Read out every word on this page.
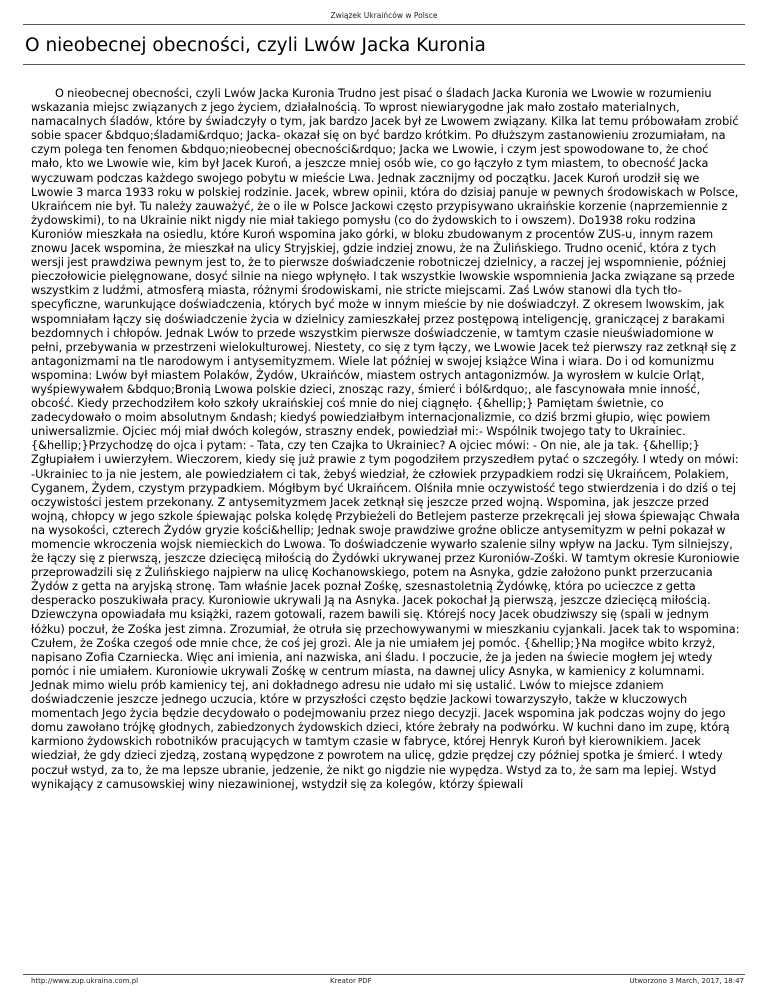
Związek Ukraińców w Polsce
O nieobecnej obecności, czyli Lwów Jacka Kuronia

O nieobecnej obecności, czyli Lwów Jacka Kuronia Trudno jest pisać o śladach Jacka Kuronia we Lwowie w rozumieniu wskazania miejsc związanych z jego życiem, działalnością. To wprost niewiarygodne jak mało zostało materialnych, namacalnych śladów, które by świadczyły o tym, jak bardzo Jacek był ze Lwowem związany. Kilka lat temu próbowałam zrobić sobie spacer &bdquo;śladami&rdquo; Jacka- okazał się on być bardzo krótkim. Po dłuższym zastanowieniu zrozumiałam, na czym polega ten fenomen &bdquo;nieobecnej obecności&rdquo; Jacka we Lwowie, i czym jest spowodowane to, że choć mało, kto we Lwowie wie, kim był Jacek Kuroń, a jeszcze mniej osób wie, co go łączyło z tym miastem, to obecność Jacka wyczuwam podczas każdego swojego pobytu w mieście Lwa. Jednak zacznijmy od początku. Jacek Kuroń urodził się we Lwowie 3 marca 1933 roku w polskiej rodzinie. Jacek, wbrew opinii, która do dzisiaj panuje w pewnych środowiskach w Polsce, Ukraińcem nie był. Tu należy zauważyć, że o ile w Polsce Jackowi często przypisywano ukraińskie korzenie (naprzemiennie z żydowskimi), to na Ukrainie nikt nigdy nie miał takiego pomysłu (co do żydowskich to i owszem). Do1938 roku rodzina Kuroniów mieszkała na osiedlu, które Kuroń wspomina jako górki, w bloku zbudowanym z procentów ZUS-u, innym razem znowu Jacek wspomina, że mieszkał na ulicy Stryjskiej, gdzie indziej znowu, że na Żulińskiego. Trudno ocenić, która z tych wersji jest prawdziwa pewnym jest to, że to pierwsze doświadczenie robotniczej dzielnicy, a raczej jej wspomnienie, później pieczołowicie pielęgnowane, dosyć silnie na niego wpłynęło. I tak wszystkie lwowskie wspomnienia Jacka związane są przede wszystkim z ludźmi, atmosferą miasta, różnymi środowiskami, nie stricte miejscami. Zaś Lwów stanowi dla tych tło- specyficzne, warunkujące doświadczenia, których być może w innym mieście by nie doświadczył. Z okresem lwowskim, jak wspomniałam łączy się doświadczenie życia w dzielnicy zamieszkałej przez postępową inteligencję, graniczącej z barakami bezdomnych i chłopów. Jednak Lwów to przede wszystkim pierwsze doświadczenie, w tamtym czasie nieuświadomione w pełni, przebywania w przestrzeni wielokulturowej. Niestety, co się z tym łączy, we Lwowie Jacek też pierwszy raz zetknął się z antagonizmami na tle narodowym i antysemityzmem. Wiele lat później w swojej książce Wina i wiara. Do i od komunizmu wspomina: Lwów był miastem Polaków, Żydów, Ukraińców, miastem ostrych antagonizmów. Ja wyrosłem w kulcie Orląt, wyśpiewywałem &bdquo;Bronią Lwowa polskie dzieci, znosząc razy, śmierć i ból&rdquo;, ale fascynowała mnie inność, obcość. Kiedy przechodziłem koło szkoły ukraińskiej coś mnie do niej ciągnęło. {&hellip;} Pamiętam świetnie, co zadecydowało o moim absolutnym &ndash; kiedyś powiedziałbym internacjonalizmie, co dziś brzmi głupio, więc powiem uniwersalizmie. Ojciec mój miał dwóch kolegów, straszny endek, powiedział mi:- Wspólnik twojego taty to Ukrainiec.{&hellip;}Przychodzę do ojca i pytam: - Tata, czy ten Czajka to Ukrainiec? A ojciec mówi: - On nie, ale ja tak. {&hellip;} Zgłupiałem i uwierzyłem. Wieczorem, kiedy się już prawie z tym pogodziłem przyszedłem pytać o szczegóły. I wtedy on mówi: -Ukrainiec to ja nie jestem, ale powiedziałem ci tak, żebyś wiedział, że człowiek przypadkiem rodzi się Ukraińcem, Polakiem, Cyganem, Żydem, czystym przypadkiem. Mógłbym być Ukraińcem. Olśniła mnie oczywistość tego stwierdzenia i do dziś o tej oczywistości jestem przekonany. Z antysemityzmem Jacek zetknął się jeszcze przed wojną. Wspomina, jak jeszcze przed wojną, chłopcy w jego szkole śpiewając polska kolędę Przybieżeli do Betlejem pasterze przekręcali jej słowa śpiewając Chwała na wysokości, czterech Żydów gryzie kości&hellip; Jednak swoje prawdziwe groźne oblicze antysemityzm w pełni pokazał w momencie wkroczenia wojsk niemieckich do Lwowa. To doświadczenie wywarło szalenie silny wpływ na Jacku. Tym silniejszy, że łączy się z pierwszą, jeszcze dziecięcą miłością do Żydówki ukrywanej przez Kuroniów-Zośki. W tamtym okresie Kuroniowie przeprowadzili się z Żulińskiego najpierw na ulicę Kochanowskiego, potem na Asnyka, gdzie założono punkt przerzucania Żydów z getta na aryjską stronę. Tam właśnie Jacek poznał Zośkę, szesnastoletnią Żydówkę, która po ucieczce z getta desperacko poszukiwała pracy. Kuroniowie ukrywali Ją na Asnyka. Jacek pokochał Ją pierwszą, jeszcze dziecięcą miłością. Dziewczyna opowiadała mu książki, razem gotowali, razem bawili się. Którejś nocy Jacek obudziwszy się (spali w jednym łóżku) poczuł, że Zośka jest zimna. Zrozumiał, że otruła się przechowywanymi w mieszkaniu cyjankali. Jacek tak to wspomina: Czułem, że Zośka czegoś ode mnie chce, że coś jej grozi. Ale ja nie umiałem jej pomóc. {&hellip;}Na mogiłce wbito krzyż, napisano Zofia Czarniecka. Więc ani imienia, ani nazwiska, ani śladu. I poczucie, że ja jeden na świecie mogłem jej wtedy pomóc i nie umiałem. Kuroniowie ukrywali Zośkę w centrum miasta, na dawnej ulicy Asnyka, w kamienicy z kolumnami. Jednak mimo wielu prób kamienicy tej, ani dokładnego adresu nie udało mi się ustalić. Lwów to miejsce zdaniem doświadczenie jeszcze jednego uczucia, które w przyszłości często będzie Jackowi towarzyszyło, także w kluczowych momentach Jego życia będzie decydowało o podejmowaniu przez niego decyzji. Jacek wspomina jak podczas wojny do jego domu zawołano trójkę głodnych, zabiedzonych żydowskich dzieci, które żebrały na podwórku. W kuchni dano im zupę, którą karmiono żydowskich robotników pracujących w tamtym czasie w fabryce, której Henryk Kuroń był kierownikiem. Jacek wiedział, że gdy dzieci zjedzą, zostaną wypędzone z powrotem na ulicę, gdzie prędzej czy później spotka je śmierć. I wtedy poczuł wstyd, za to, że ma lepsze ubranie, jedzenie, że nikt go nigdzie nie wypędza. Wstyd za to, że sam ma lepiej. Wstyd wynikający z camusowskiej winy niezawinionej, wstydził się za kolegów, którzy śpiewali

http://www.zup.ukraina.com.pl	Kreator PDF	Utworzono 3 March, 2017, 18:47
